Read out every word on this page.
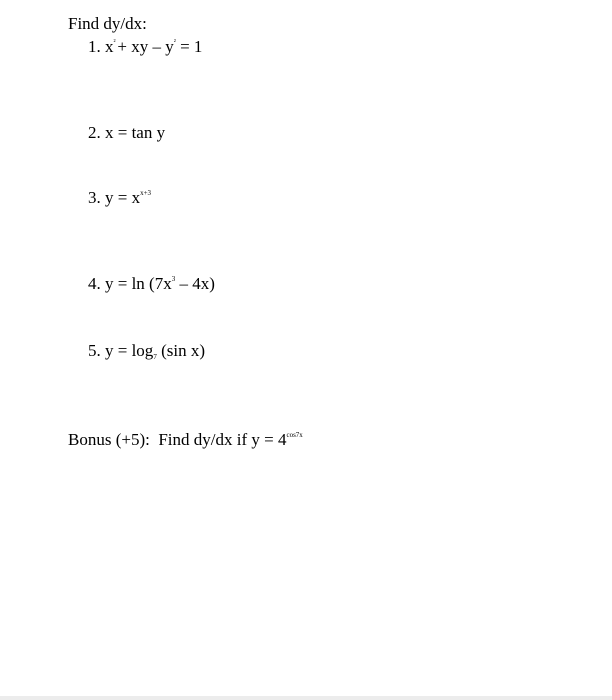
Find dy/dx:
1. $x^{^2}$ + xy – $y^{^2} = 1$
2. x = tan y
3. $y = x^{x+3}$
4. $y = \ln (7x^3 - 4x)$
5. $y = \log_7 (\sin$ x)
Bonus (+5): Find dy/dx if $y = 4^{cos7x}$
